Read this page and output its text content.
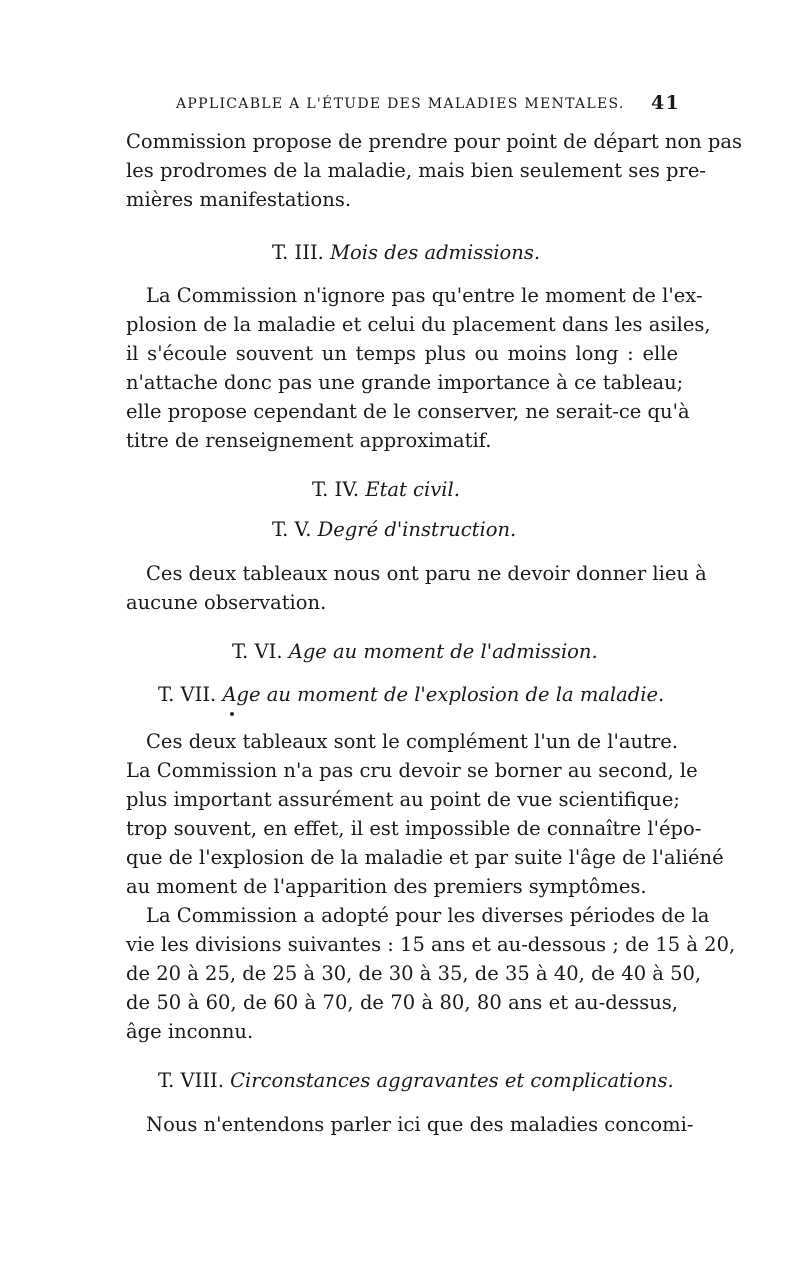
APPLICABLE A L'ÉTUDE DES MALADIES MENTALES. 41
Commission propose de prendre pour point de départ non pas
les prodromes de la maladie, mais bien seulement ses pre-
mières manifestations.
T. III. Mois des admissions.
La Commission n'ignore pas qu'entre le moment de l'ex-
plosion de la maladie et celui du placement dans les asiles,
il s'écoule souvent un temps plus ou moins long : elle
n'attache donc pas une grande importance à ce tableau;
elle propose cependant de le conserver, ne serait-ce qu'à
titre de renseignement approximatif.
T. IV. Etat civil.
T. V. Degré d'instruction.
Ces deux tableaux nous ont paru ne devoir donner lieu à
aucune observation.
T. VI. Age au moment de l'admission.
T. VII. Age au moment de l'explosion de la maladie.
Ces deux tableaux sont le complément l'un de l'autre.
La Commission n'a pas cru devoir se borner au second, le
plus important assurément au point de vue scientifique;
trop souvent, en effet, il est impossible de connaître l'épo-
que de l'explosion de la maladie et par suite l'âge de l'aliéné
au moment de l'apparition des premiers symptômes.
La Commission a adopté pour les diverses périodes de la
vie les divisions suivantes : 15 ans et au-dessous ; de 15 à 20,
de 20 à 25, de 25 à 30, de 30 à 35, de 35 à 40, de 40 à 50,
de 50 à 60, de 60 à 70, de 70 à 80, 80 ans et au-dessus,
âge inconnu.
T. VIII. Circonstances aggravantes et complications.
Nous n'entendons parler ici que des maladies concomi-
